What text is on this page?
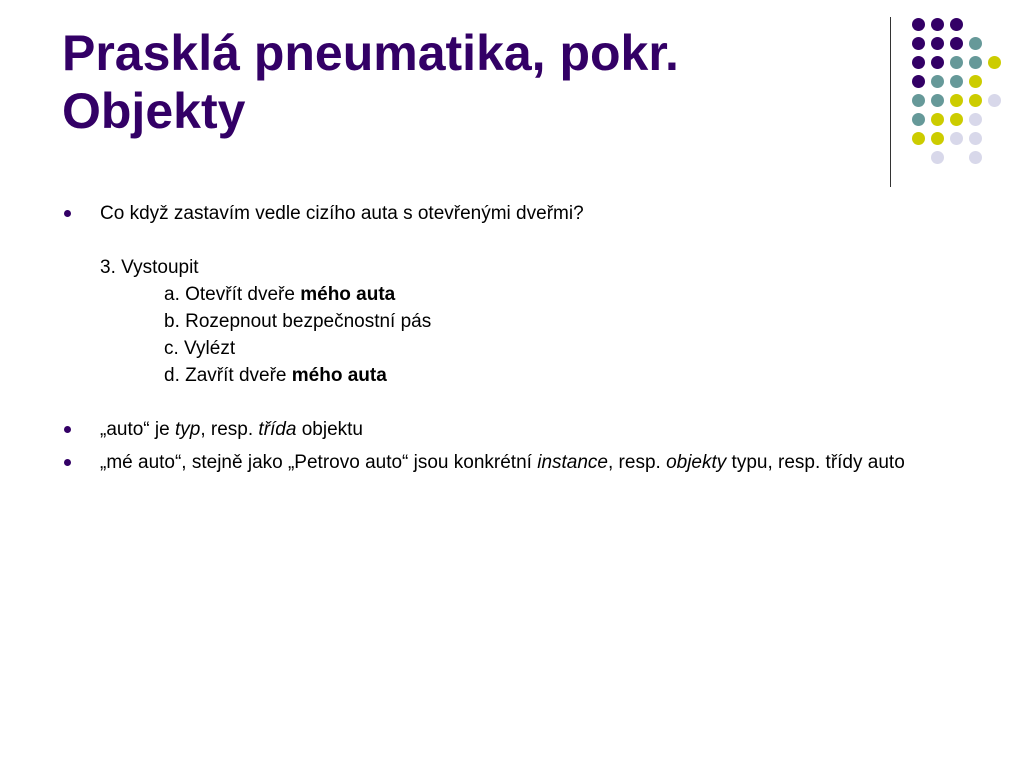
Prasklá pneumatika, pokr.
Objekty
Co když zastavím vedle cizího auta s otevřenými dveřmi?
3. Vystoupit
a. Otevřít dveře mého auta
b. Rozepnout bezpečnostní pás
c. Vylézt
d. Zavřít dveře mého auta
„auto“ je typ, resp. třída objektu
„mé auto“, stejně jako „Petrovo auto“ jsou konkrétní instance, resp. objekty typu, resp. třídy auto
